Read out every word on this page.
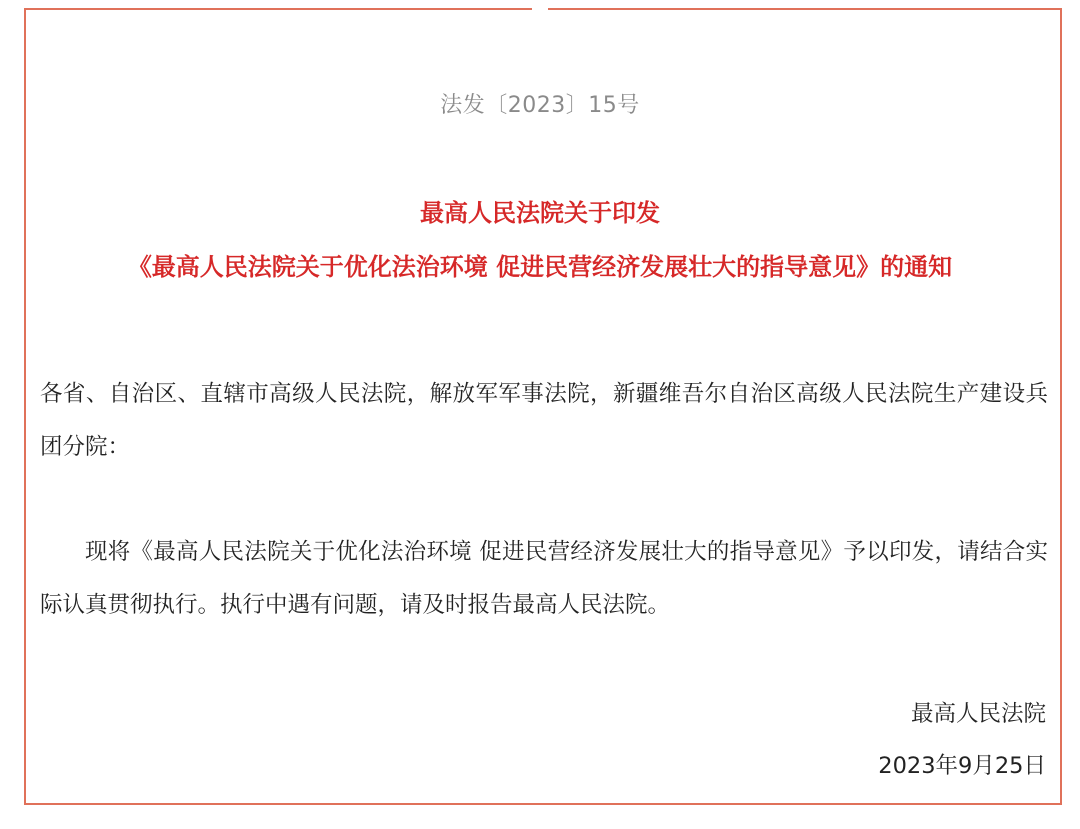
法发〔2023〕15号
最高人民法院关于印发
《最高人民法院关于优化法治环境 促进民营经济发展壮大的指导意见》的通知
各省、自治区、直辖市高级人民法院，解放军军事法院，新疆维吾尔自治区高级人民法院生产建设兵团分院：
现将《最高人民法院关于优化法治环境 促进民营经济发展壮大的指导意见》予以印发，请结合实际认真贯彻执行。执行中遇有问题，请及时报告最高人民法院。
最高人民法院
2023年9月25日
